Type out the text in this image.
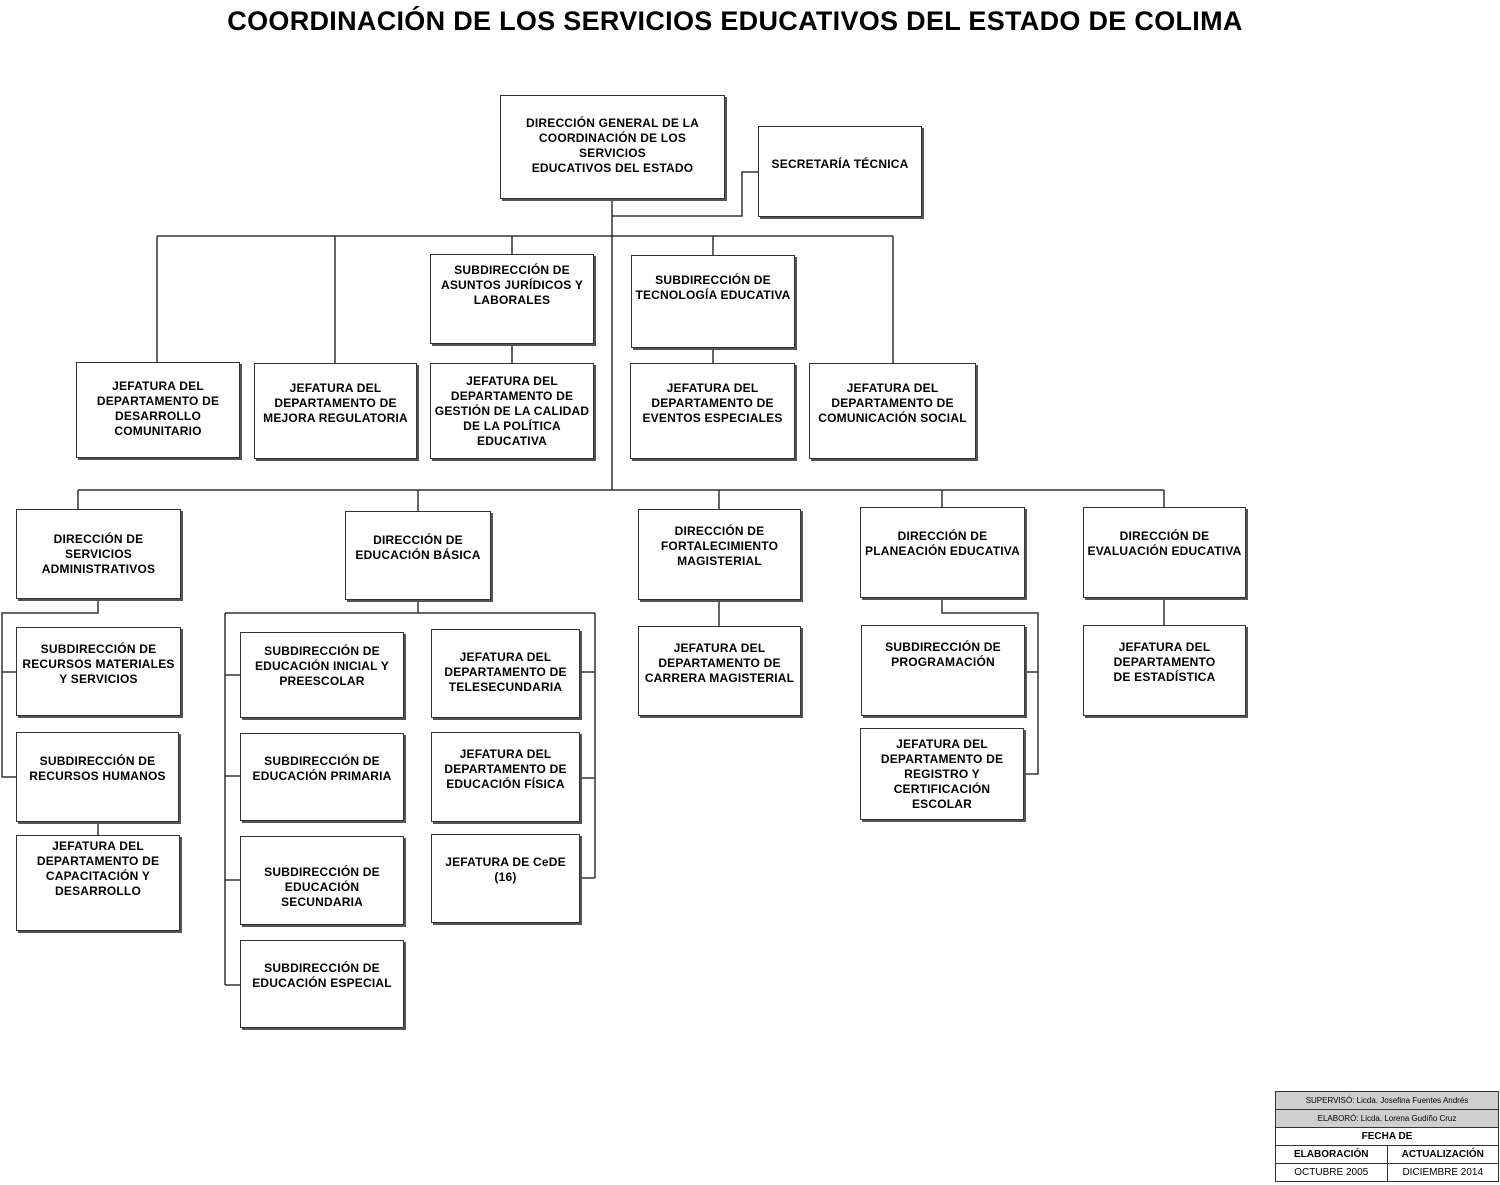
COORDINACIÓN DE LOS SERVICIOS EDUCATIVOS DEL ESTADO DE COLIMA
DIRECCIÓN GENERAL DE LA
COORDINACIÓN DE LOS SERVICIOS
EDUCATIVOS DEL ESTADO	SECRETARÍA TÉCNICA
SUBDIRECCIÓN DE
ASUNTOS JURÍDICOS Y
LABORALES
SUBDIRECCIÓN DE
TECNOLOGÍA EDUCATIVA
JEFATURA DEL
DEPARTAMENTO DE
DESARROLLO
COMUNITARIO
JEFATURA DEL
DEPARTAMENTO DE
MEJORA REGULATORIA
JEFATURA DEL
DEPARTAMENTO DE
GESTIÓN DE LA CALIDAD
DE LA POLÍTICA
EDUCATIVA
JEFATURA DEL
DEPARTAMENTO DE
EVENTOS ESPECIALES
JEFATURA DEL
DEPARTAMENTO DE
COMUNICACIÓN SOCIAL
DIRECCIÓN DE SERVICIOS
ADMINISTRATIVOS
DIRECCIÓN DE
EDUCACIÓN BÁSICA
DIRECCIÓN DE
FORTALECIMIENTO
MAGISTERIAL
DIRECCIÓN DE
PLANEACIÓN EDUCATIVA
DIRECCIÓN DE
EVALUACIÓN EDUCATIVA
SUBDIRECCIÓN DE
RECURSOS MATERIALES
Y SERVICIOS
SUBDIRECCIÓN DE
RECURSOS HUMANOS
JEFATURA DEL
DEPARTAMENTO DE
CAPACITACIÓN Y
DESARROLLO
SUBDIRECCIÓN DE
EDUCACIÓN INICIAL Y
PREESCOLAR
SUBDIRECCIÓN DE
EDUCACIÓN PRIMARIA
SUBDIRECCIÓN DE
EDUCACIÓN SECUNDARIA
SUBDIRECCIÓN DE
EDUCACIÓN ESPECIAL
JEFATURA DEL
DEPARTAMENTO DE
TELESECUNDARIA
JEFATURA DEL
DEPARTAMENTO DE
EDUCACIÓN FÍSICA
JEFATURA DE CeDE
(16)
JEFATURA DEL
DEPARTAMENTO DE
CARRERA MAGISTERIAL
SUBDIRECCIÓN DE
PROGRAMACIÓN
JEFATURA DEL
DEPARTAMENTO DE
REGISTRO Y
CERTIFICACIÓN ESCOLAR
JEFATURA DEL
DEPARTAMENTO
DE ESTADÍSTICA
SUPERVISÓ: Licda. Josefina Fuentes Andrés
ELABORÓ: Licda. Lorena Gudiño Cruz
FECHA DE
ELABORACIÓN	ACTUALIZACIÓN
OCTUBRE 2005	DICIEMBRE 2014
